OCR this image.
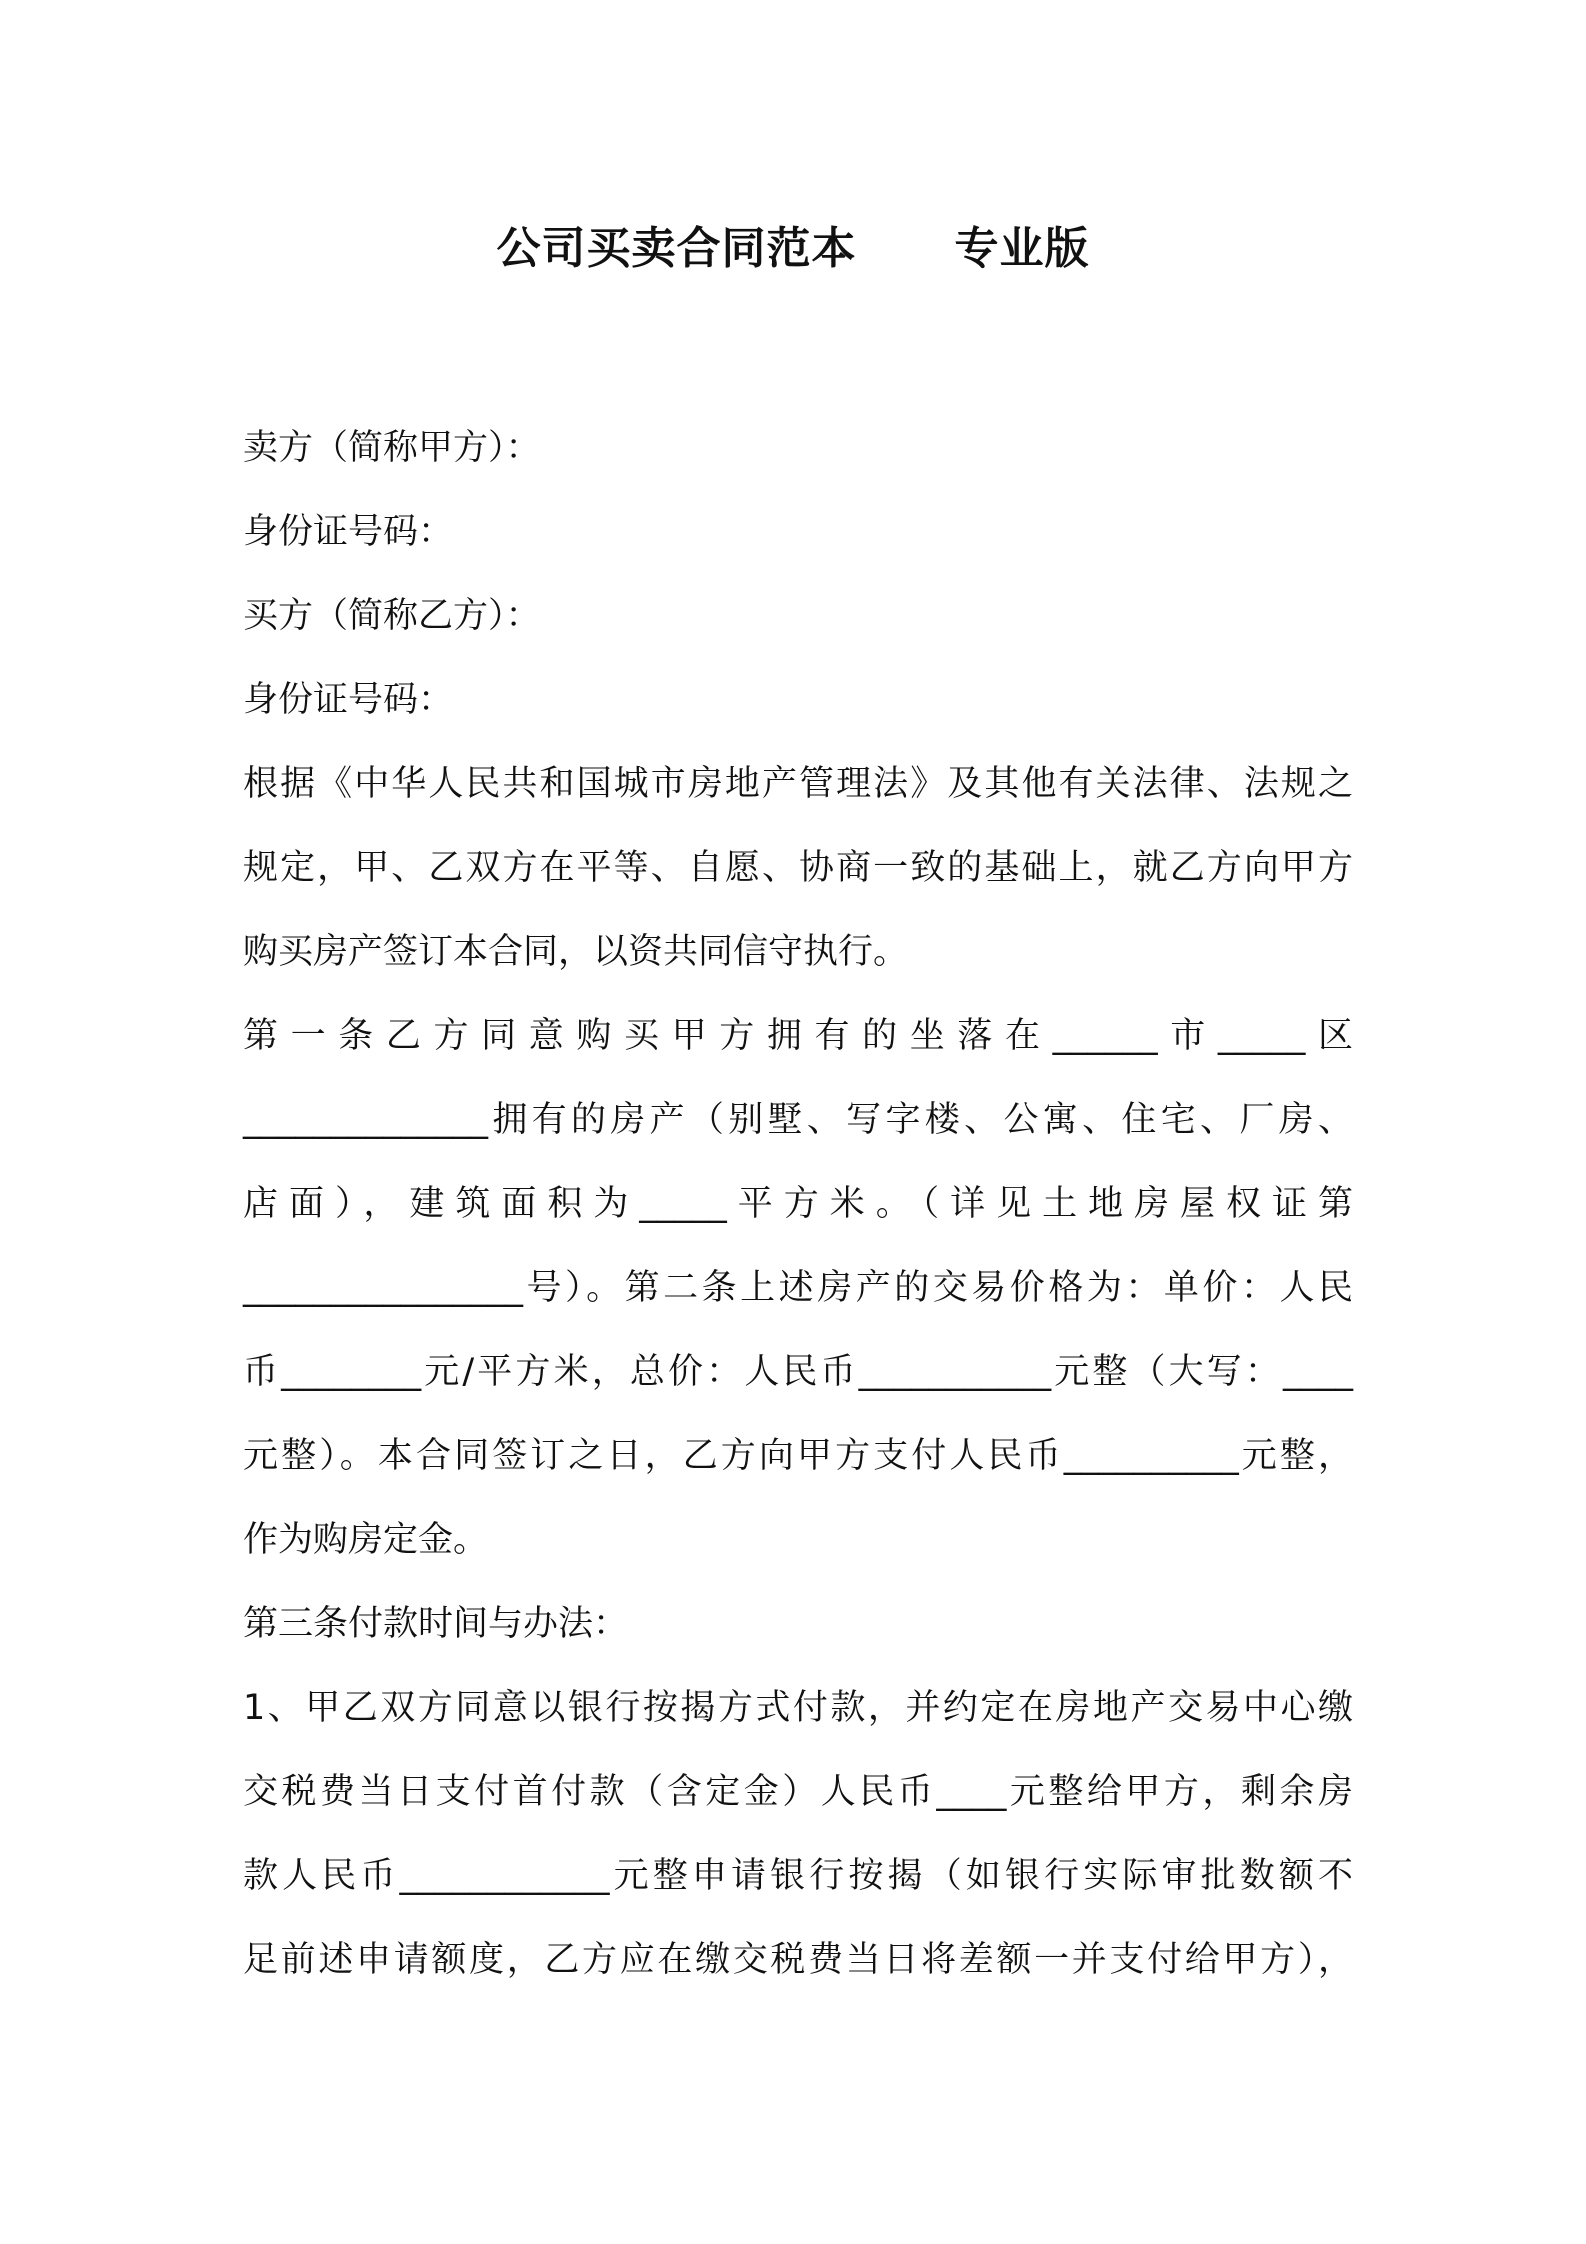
公司买卖合同范本      专业版
卖方（简称甲方）：
身份证号码：
买方（简称乙方）：
身份证号码：
根据《中华人民共和国城市房地产管理法》及其他有关法律、法规之
规定，甲、乙双方在平等、自愿、协商一致的基础上，就乙方向甲方
购买房产签订本合同，以资共同信守执行。
第一条乙方同意购买甲方拥有的坐落在______市_____区
______________拥有的房产（别墅、写字楼、公寓、住宅、厂房、
店面），建筑面积为_____平方米。（详见土地房屋权证第
________________号）。第二条上述房产的交易价格为：单价：人民
币________元/平方米，总价：人民币___________元整（大写：____
元整）。本合同签订之日，乙方向甲方支付人民币__________元整，
作为购房定金。
第三条付款时间与办法：
1、甲乙双方同意以银行按揭方式付款，并约定在房地产交易中心缴
交税费当日支付首付款（含定金）人民币____元整给甲方，剩余房
款人民币____________元整申请银行按揭（如银行实际审批数额不
足前述申请额度，乙方应在缴交税费当日将差额一并支付给甲方），
